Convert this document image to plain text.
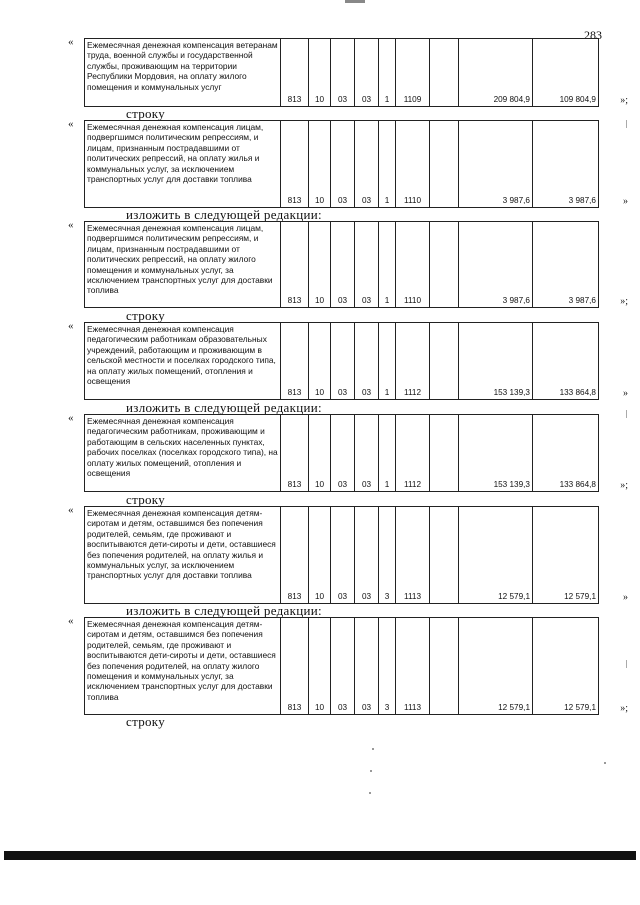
283
« Ежемесячная денежная компенсация ветеранам труда, военной службы и государственной службы, проживающим на территории Республики Мордовия, на оплату жилого помещения и коммунальных услуг	813	10	03	03	1	1109		209 804,9	109 804,9 »;
строку
« Ежемесячная денежная компенсация лицам, подвергшимся политическим репрессиям, и лицам, признанным пострадавшими от политических репрессий, на оплату жилья и коммунальных услуг, за исключением транспортных услуг для доставки топлива	813	10	03	03	1	1110		3 987,6	3 987,6	»
изложить в следующей редакции:
« Ежемесячная денежная компенсация лицам, подвергшимся политическим репрессиям, и лицам, признанным пострадавшими от политических репрессий, на оплату жилого помещения и коммунальных услуг, за исключением транспортных услуг для доставки топлива	813	10	03	03	1	1110		3 987,6	3 987,6 »;
строку
« Ежемесячная денежная компенсация педагогическим работникам образовательных учреждений, работающим и проживающим в сельской местности и поселках городского типа, на оплату жилых помещений, отопления и освещения	813	10	03	03	1	1112		153 139,3	133 864,8	»
изложить в следующей редакции:
« Ежемесячная денежная компенсация педагогическим работникам, проживающим и работающим в сельских населенных пунктах, рабочих поселках (поселках городского типа), на оплату жилых помещений, отопления и освещения	813	10	03	03	1	1112		153 139,3	133 864,8 »;
строку
« Ежемесячная денежная компенсация детям-сиротам и детям, оставшимся без попечения родителей, семьям, где проживают и воспитываются дети-сироты и дети, оставшиеся без попечения родителей, на оплату жилья и коммунальных услуг, за исключением транспортных услуг для доставки топлива	813	10	03	03	3	1113		12 579,1	12 579,1	»
изложить в следующей редакции:
« Ежемесячная денежная компенсация детям-сиротам и детям, оставшимся без попечения родителей, семьям, где проживают и воспитываются дети-сироты и дети, оставшиеся без попечения родителей, на оплату жилого помещения и коммунальных услуг, за исключением транспортных услуг для доставки топлива	813	10	03	03	3	1113		12 579,1	12 579,1 »;
строку
